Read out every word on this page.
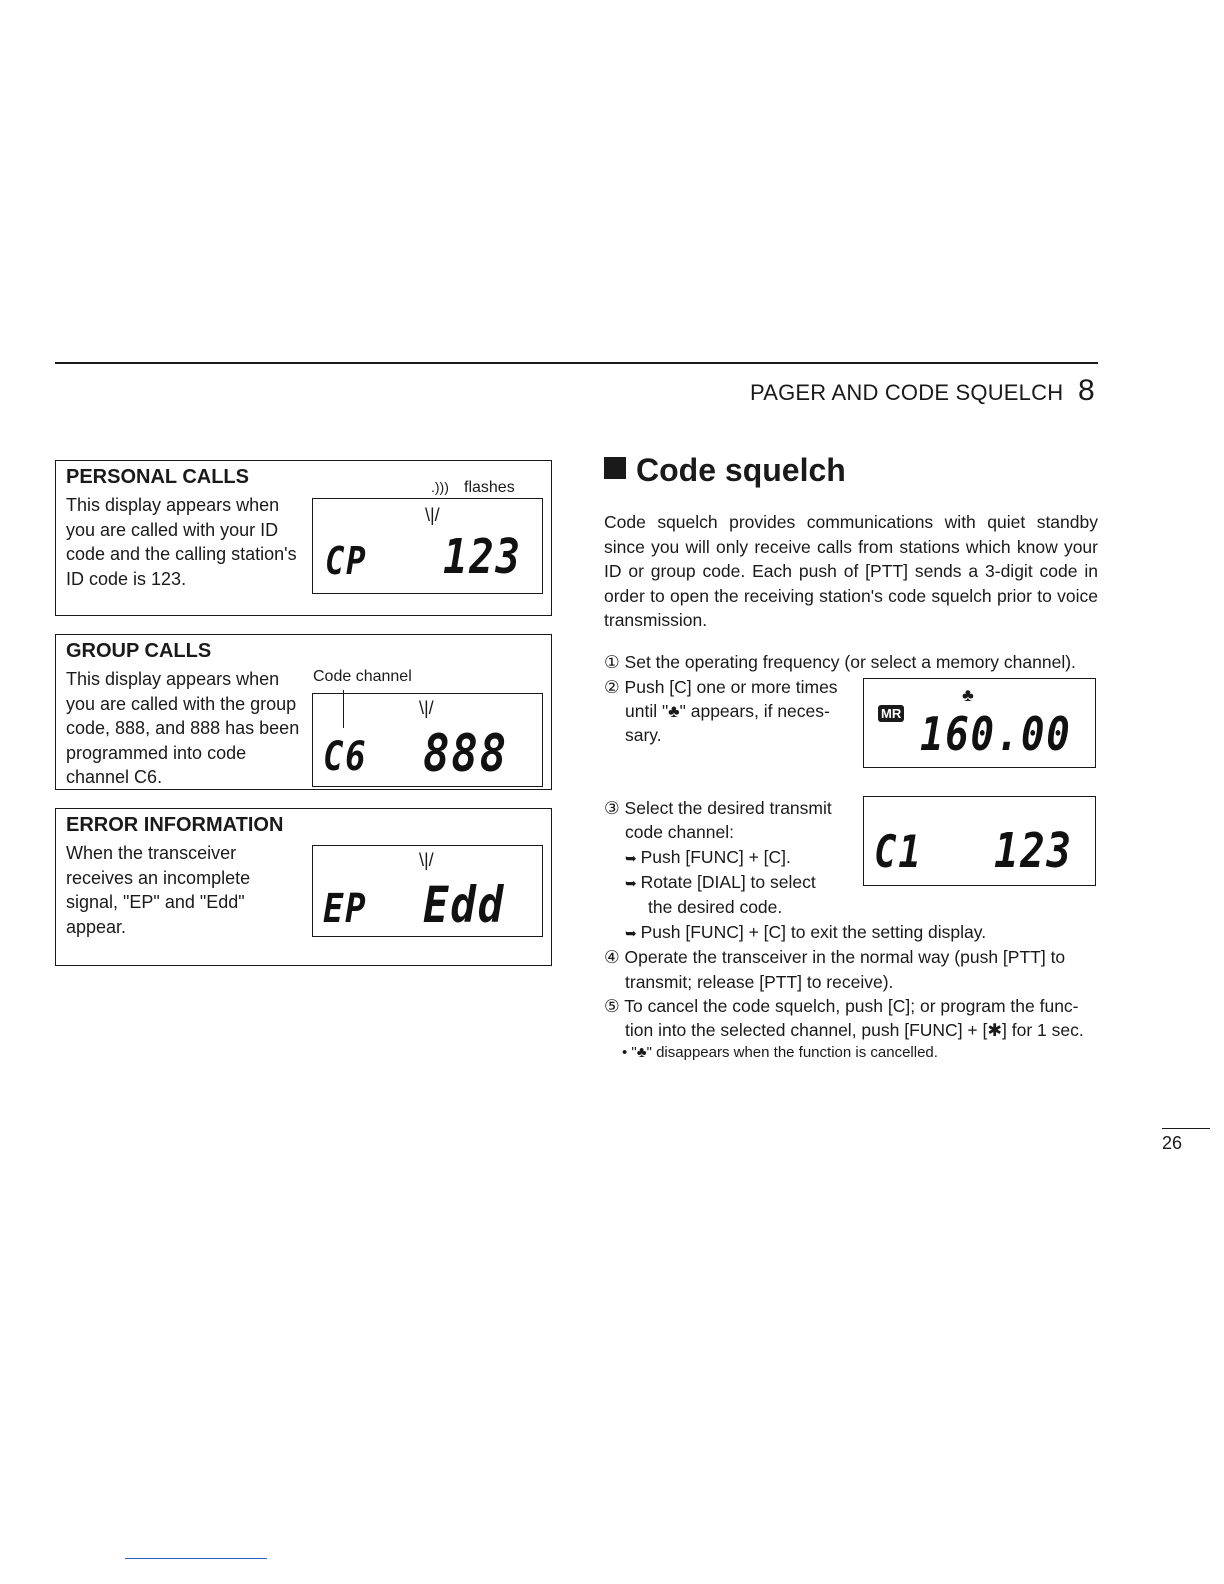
PAGER AND CODE SQUELCH 8
PERSONAL CALLS
This display appears when you are called with your ID code and the calling station's ID code is 123.
.))) flashes
\|/
CP 123
GROUP CALLS
This display appears when you are called with the group code, 888, and 888 has been programmed into code channel C6.
Code channel
\|/
C6 888
ERROR INFORMATION
When the transceiver receives an incomplete signal, "EP" and "Edd" appear.
\|/
EP Edd
Code squelch
Code squelch provides communications with quiet standby since you will only receive calls from stations which know your ID or group code. Each push of [PTT] sends a 3-digit code in order to open the receiving station's code squelch prior to voice transmission.
① Set the operating frequency (or select a memory channel).
② Push [C] one or more times
until "♣" appears, if neces-
sary.
MR
♣
160.00
③ Select the desired transmit
code channel:
➥ Push [FUNC] + [C].
➥ Rotate [DIAL] to select
the desired code.
➥ Push [FUNC] + [C] to exit the setting display.
C1 123
④ Operate the transceiver in the normal way (push [PTT] to
transmit; release [PTT] to receive).
⑤ To cancel the code squelch, push [C]; or program the func-
tion into the selected channel, push [FUNC] + [✱] for 1 sec.
• "♣" disappears when the function is cancelled.
26
